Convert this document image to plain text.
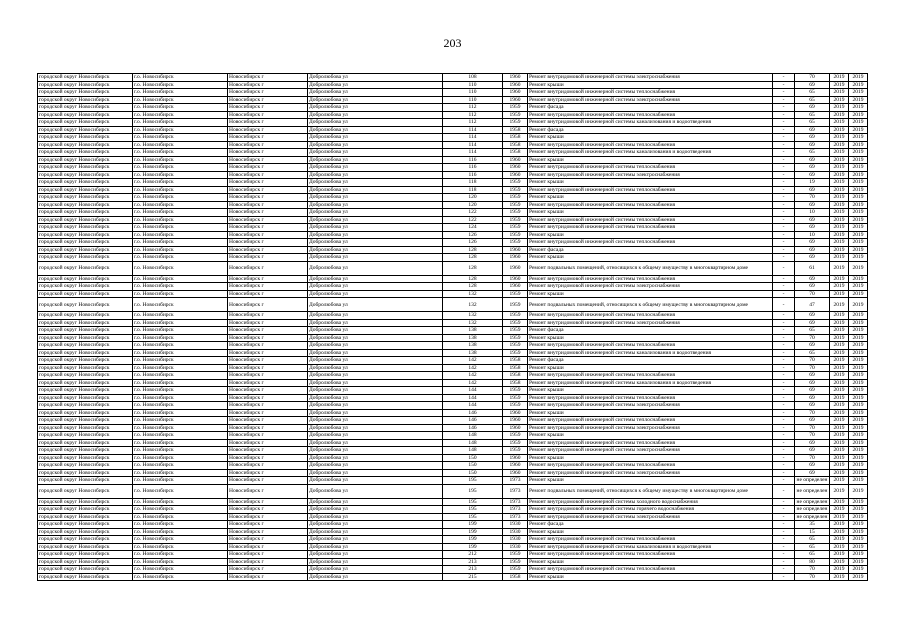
203
городской округ Новосибирск	г.о. Новосибирск	Новосибирск г	Добролюбова ул	108	1960	Ремонт внутридомовой инженерной системы электроснабжения	-	70	2019	2019
городской округ Новосибирск	г.о. Новосибирск	Новосибирск г	Добролюбова ул	110	1960	Ремонт крыши	-	69	2019	2019
городской округ Новосибирск	г.о. Новосибирск	Новосибирск г	Добролюбова ул	110	1960	Ремонт внутридомовой инженерной системы теплоснабжения	-	65	2019	2019
городской округ Новосибирск	г.о. Новосибирск	Новосибирск г	Добролюбова ул	110	1960	Ремонт внутридомовой инженерной системы электроснабжения	-	65	2019	2019
городской округ Новосибирск	г.о. Новосибирск	Новосибирск г	Добролюбова ул	112	1959	Ремонт фасада	-	69	2019	2019
городской округ Новосибирск	г.о. Новосибирск	Новосибирск г	Добролюбова ул	112	1959	Ремонт внутридомовой инженерной системы теплоснабжения	-	65	2019	2019
городской округ Новосибирск	г.о. Новосибирск	Новосибирск г	Добролюбова ул	112	1959	Ремонт внутридомовой инженерной системы канализования и водоотведения	-	65	2019	2019
городской округ Новосибирск	г.о. Новосибирск	Новосибирск г	Добролюбова ул	114	1958	Ремонт фасада	-	69	2019	2019
городской округ Новосибирск	г.о. Новосибирск	Новосибирск г	Добролюбова ул	114	1958	Ремонт крыши	-	69	2019	2019
городской округ Новосибирск	г.о. Новосибирск	Новосибирск г	Добролюбова ул	114	1958	Ремонт внутридомовой инженерной системы теплоснабжения	-	69	2019	2019
городской округ Новосибирск	г.о. Новосибирск	Новосибирск г	Добролюбова ул	114	1958	Ремонт внутридомовой инженерной системы канализования и водоотведения	-	65	2019	2019
городской округ Новосибирск	г.о. Новосибирск	Новосибирск г	Добролюбова ул	116	1960	Ремонт крыши	-	69	2019	2019
городской округ Новосибирск	г.о. Новосибирск	Новосибирск г	Добролюбова ул	116	1960	Ремонт внутридомовой инженерной системы теплоснабжения	-	69	2019	2019
городской округ Новосибирск	г.о. Новосибирск	Новосибирск г	Добролюбова ул	116	1960	Ремонт внутридомовой инженерной системы электроснабжения	-	69	2019	2019
городской округ Новосибирск	г.о. Новосибирск	Новосибирск г	Добролюбова ул	118	1959	Ремонт крыши	-	19	2019	2019
городской округ Новосибирск	г.о. Новосибирск	Новосибирск г	Добролюбова ул	118	1959	Ремонт внутридомовой инженерной системы теплоснабжения	-	69	2019	2019
городской округ Новосибирск	г.о. Новосибирск	Новосибирск г	Добролюбова ул	120	1959	Ремонт крыши	-	70	2019	2019
городской округ Новосибирск	г.о. Новосибирск	Новосибирск г	Добролюбова ул	120	1959	Ремонт внутридомовой инженерной системы теплоснабжения	-	69	2019	2019
городской округ Новосибирск	г.о. Новосибирск	Новосибирск г	Добролюбова ул	122	1959	Ремонт крыши	-	10	2019	2019
городской округ Новосибирск	г.о. Новосибирск	Новосибирск г	Добролюбова ул	122	1959	Ремонт внутридомовой инженерной системы теплоснабжения	-	69	2019	2019
городской округ Новосибирск	г.о. Новосибирск	Новосибирск г	Добролюбова ул	124	1959	Ремонт внутридомовой инженерной системы теплоснабжения	-	69	2019	2019
городской округ Новосибирск	г.о. Новосибирск	Новосибирск г	Добролюбова ул	126	1959	Ремонт крыши	-	10	2019	2019
городской округ Новосибирск	г.о. Новосибирск	Новосибирск г	Добролюбова ул	126	1959	Ремонт внутридомовой инженерной системы теплоснабжения	-	69	2019	2019
городской округ Новосибирск	г.о. Новосибирск	Новосибирск г	Добролюбова ул	128	1960	Ремонт фасада	-	69	2019	2019
городской округ Новосибирск	г.о. Новосибирск	Новосибирск г	Добролюбова ул	128	1960	Ремонт крыши	-	69	2019	2019
городской округ Новосибирск	г.о. Новосибирск	Новосибирск г	Добролюбова ул	128	1960	Ремонт подвальных помещений, относящихся к общему имуществу в многоквартирном доме	-	61	2019	2019
городской округ Новосибирск	г.о. Новосибирск	Новосибирск г	Добролюбова ул	128	1960	Ремонт внутридомовой инженерной системы теплоснабжения	-	69	2019	2019
городской округ Новосибирск	г.о. Новосибирск	Новосибирск г	Добролюбова ул	128	1960	Ремонт внутридомовой инженерной системы электроснабжения	-	69	2019	2019
городской округ Новосибирск	г.о. Новосибирск	Новосибирск г	Добролюбова ул	132	1959	Ремонт крыши	-	70	2019	2019
городской округ Новосибирск	г.о. Новосибирск	Новосибирск г	Добролюбова ул	132	1959	Ремонт подвальных помещений, относящихся к общему имуществу в многоквартирном доме	-	47	2019	2019
городской округ Новосибирск	г.о. Новосибирск	Новосибирск г	Добролюбова ул	132	1959	Ремонт внутридомовой инженерной системы теплоснабжения	-	69	2019	2019
городской округ Новосибирск	г.о. Новосибирск	Новосибирск г	Добролюбова ул	132	1959	Ремонт внутридомовой инженерной системы электроснабжения	-	69	2019	2019
городской округ Новосибирск	г.о. Новосибирск	Новосибирск г	Добролюбова ул	138	1959	Ремонт фасада	-	65	2019	2019
городской округ Новосибирск	г.о. Новосибирск	Новосибирск г	Добролюбова ул	138	1959	Ремонт крыши	-	70	2019	2019
городской округ Новосибирск	г.о. Новосибирск	Новосибирск г	Добролюбова ул	138	1959	Ремонт внутридомовой инженерной системы теплоснабжения	-	69	2019	2019
городской округ Новосибирск	г.о. Новосибирск	Новосибирск г	Добролюбова ул	138	1959	Ремонт внутридомовой инженерной системы канализования и водоотведения	-	65	2019	2019
городской округ Новосибирск	г.о. Новосибирск	Новосибирск г	Добролюбова ул	142	1958	Ремонт фасада	-	70	2019	2019
городской округ Новосибирск	г.о. Новосибирск	Новосибирск г	Добролюбова ул	142	1958	Ремонт крыши	-	70	2019	2019
городской округ Новосибирск	г.о. Новосибирск	Новосибирск г	Добролюбова ул	142	1958	Ремонт внутридомовой инженерной системы теплоснабжения	-	69	2019	2019
городской округ Новосибирск	г.о. Новосибирск	Новосибирск г	Добролюбова ул	142	1958	Ремонт внутридомовой инженерной системы канализования и водоотведения	-	69	2019	2019
городской округ Новосибирск	г.о. Новосибирск	Новосибирск г	Добролюбова ул	144	1959	Ремонт крыши	-	69	2019	2019
городской округ Новосибирск	г.о. Новосибирск	Новосибирск г	Добролюбова ул	144	1959	Ремонт внутридомовой инженерной системы теплоснабжения	-	69	2019	2019
городской округ Новосибирск	г.о. Новосибирск	Новосибирск г	Добролюбова ул	144	1959	Ремонт внутридомовой инженерной системы электроснабжения	-	69	2019	2019
городской округ Новосибирск	г.о. Новосибирск	Новосибирск г	Добролюбова ул	146	1960	Ремонт крыши	-	70	2019	2019
городской округ Новосибирск	г.о. Новосибирск	Новосибирск г	Добролюбова ул	146	1960	Ремонт внутридомовой инженерной системы теплоснабжения	-	69	2019	2019
городской округ Новосибирск	г.о. Новосибирск	Новосибирск г	Добролюбова ул	146	1960	Ремонт внутридомовой инженерной системы электроснабжения	-	70	2019	2019
городской округ Новосибирск	г.о. Новосибирск	Новосибирск г	Добролюбова ул	148	1959	Ремонт крыши	-	70	2019	2019
городской округ Новосибирск	г.о. Новосибирск	Новосибирск г	Добролюбова ул	148	1959	Ремонт внутридомовой инженерной системы теплоснабжения	-	69	2019	2019
городской округ Новосибирск	г.о. Новосибирск	Новосибирск г	Добролюбова ул	148	1959	Ремонт внутридомовой инженерной системы электроснабжения	-	69	2019	2019
городской округ Новосибирск	г.о. Новосибирск	Новосибирск г	Добролюбова ул	150	1960	Ремонт крыши	-	70	2019	2019
городской округ Новосибирск	г.о. Новосибирск	Новосибирск г	Добролюбова ул	150	1960	Ремонт внутридомовой инженерной системы теплоснабжения	-	69	2019	2019
городской округ Новосибирск	г.о. Новосибирск	Новосибирск г	Добролюбова ул	150	1960	Ремонт внутридомовой инженерной системы электроснабжения	-	69	2019	2019
городской округ Новосибирск	г.о. Новосибирск	Новосибирск г	Добролюбова ул	195	1973	Ремонт крыши	-	не определен	2019	2019
городской округ Новосибирск	г.о. Новосибирск	Новосибирск г	Добролюбова ул	195	1973	Ремонт подвальных помещений, относящихся к общему имуществу в многоквартирном доме	-	не определен	2019	2019
городской округ Новосибирск	г.о. Новосибирск	Новосибирск г	Добролюбова ул	195	1973	Ремонт внутридомовой инженерной системы холодного водоснабжения	-	не определен	2019	2019
городской округ Новосибирск	г.о. Новосибирск	Новосибирск г	Добролюбова ул	195	1973	Ремонт внутридомовой инженерной системы горячего водоснабжения	-	не определен	2019	2019
городской округ Новосибирск	г.о. Новосибирск	Новосибирск г	Добролюбова ул	195	1973	Ремонт внутридомовой инженерной системы электроснабжения	-	не определен	2019	2019
городской округ Новосибирск	г.о. Новосибирск	Новосибирск г	Добролюбова ул	199	1930	Ремонт фасада	-	35	2019	2019
городской округ Новосибирск	г.о. Новосибирск	Новосибирск г	Добролюбова ул	199	1930	Ремонт крыши	-	15	2019	2019
городской округ Новосибирск	г.о. Новосибирск	Новосибирск г	Добролюбова ул	199	1930	Ремонт внутридомовой инженерной системы теплоснабжения	-	65	2019	2019
городской округ Новосибирск	г.о. Новосибирск	Новосибирск г	Добролюбова ул	199	1930	Ремонт внутридомовой инженерной системы канализования и водоотведения	-	65	2019	2019
городской округ Новосибирск	г.о. Новосибирск	Новосибирск г	Добролюбова ул	212	1959	Ремонт внутридомовой инженерной системы теплоснабжения	-	65	2019	2019
городской округ Новосибирск	г.о. Новосибирск	Новосибирск г	Добролюбова ул	213	1959	Ремонт крыши	-	80	2019	2019
городской округ Новосибирск	г.о. Новосибирск	Новосибирск г	Добролюбова ул	213	1959	Ремонт внутридомовой инженерной системы теплоснабжения	-	70	2019	2019
городской округ Новосибирск	г.о. Новосибирск	Новосибирск г	Добролюбова ул	215	1958	Ремонт крыши	-	70	2019	2019
